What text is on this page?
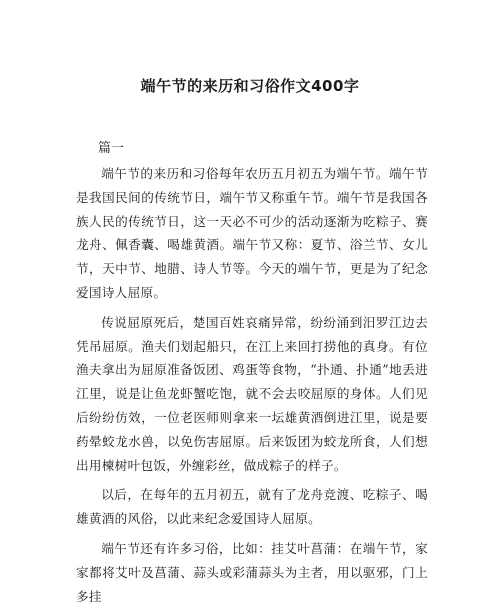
端午节的来历和习俗作文400字
篇一

端午节的来历和习俗每年农历五月初五为端午节。端午节是我国民间的传统节日，端午节又称重午节。端午节是我国各族人民的传统节日，这一天必不可少的活动逐渐为吃粽子、赛龙舟、佩香囊、喝雄黄酒。端午节又称：夏节、浴兰节、女儿节，天中节、地腊、诗人节等。今天的端午节，更是为了纪念爱国诗人屈原。

传说屈原死后，楚国百姓哀痛异常，纷纷涌到汨罗江边去凭吊屈原。渔夫们划起船只，在江上来回打捞他的真身。有位渔夫拿出为屈原准备饭团、鸡蛋等食物，“扑通、扑通”地丢进江里，说是让鱼龙虾蟹吃饱，就不会去咬屈原的身体。人们见后纷纷仿效，一位老医师则拿来一坛雄黄酒倒进江里，说是要药晕蛟龙水兽，以免伤害屈原。后来饭团为蛟龙所食，人们想出用楝树叶包饭，外缠彩丝，做成粽子的样子。

以后，在每年的五月初五，就有了龙舟竞渡、吃粽子、喝雄黄酒的风俗，以此来纪念爱国诗人屈原。

端午节还有许多习俗，比如：挂艾叶菖蒲：在端午节，家家都将艾叶及菖蒲、蒜头或彩蒲蒜头为主者，用以驱邪，门上多挂
